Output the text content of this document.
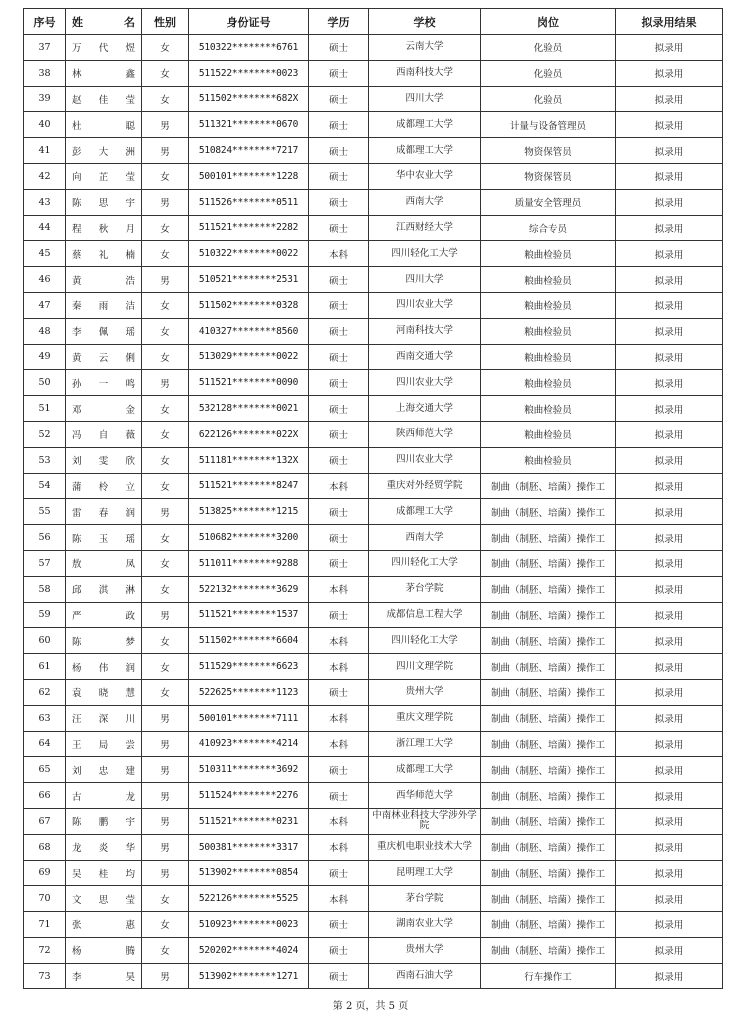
序号	姓名	性别	身份证号	学历	学校	岗位	拟录用结果
37	万代煜	女	510322********6761	硕士	云南大学	化验员	拟录用
38	林鑫	女	511522********0023	硕士	西南科技大学	化验员	拟录用
39	赵佳莹	女	511502********682X	硕士	四川大学	化验员	拟录用
40	杜聪	男	511321********0670	硕士	成都理工大学	计量与设备管理员	拟录用
41	彭大洲	男	510824********7217	硕士	成都理工大学	物资保管员	拟录用
42	向芷莹	女	500101********1228	硕士	华中农业大学	物资保管员	拟录用
43	陈思宇	男	511526********0511	硕士	西南大学	质量安全管理员	拟录用
44	程秋月	女	511521********2282	硕士	江西财经大学	综合专员	拟录用
45	蔡礼楠	女	510322********0022	本科	四川轻化工大学	粮曲检验员	拟录用
46	黄浩	男	510521********2531	硕士	四川大学	粮曲检验员	拟录用
47	秦雨洁	女	511502********0328	硕士	四川农业大学	粮曲检验员	拟录用
48	李佩瑶	女	410327********8560	硕士	河南科技大学	粮曲检验员	拟录用
49	黄云俐	女	513029********0022	硕士	西南交通大学	粮曲检验员	拟录用
50	孙一鸣	男	511521********0090	硕士	四川农业大学	粮曲检验员	拟录用
51	邓金	女	532128********0021	硕士	上海交通大学	粮曲检验员	拟录用
52	冯自薇	女	622126********022X	硕士	陕西师范大学	粮曲检验员	拟录用
53	刘雯欣	女	511181********132X	硕士	四川农业大学	粮曲检验员	拟录用
54	蒲柃立	女	511521********8247	本科	重庆对外经贸学院	制曲（制胚、培菌）操作工	拟录用
55	雷春润	男	513825********1215	硕士	成都理工大学	制曲（制胚、培菌）操作工	拟录用
56	陈玉瑶	女	510682********3200	硕士	西南大学	制曲（制胚、培菌）操作工	拟录用
57	敖凤	女	511011********9288	硕士	四川轻化工大学	制曲（制胚、培菌）操作工	拟录用
58	邱淇淋	女	522132********3629	本科	茅台学院	制曲（制胚、培菌）操作工	拟录用
59	严政	男	511521********1537	硕士	成都信息工程大学	制曲（制胚、培菌）操作工	拟录用
60	陈梦	女	511502********6604	本科	四川轻化工大学	制曲（制胚、培菌）操作工	拟录用
61	杨伟润	女	511529********6623	本科	四川文理学院	制曲（制胚、培菌）操作工	拟录用
62	袁晓慧	女	522625********1123	硕士	贵州大学	制曲（制胚、培菌）操作工	拟录用
63	汪深川	男	500101********7111	本科	重庆文理学院	制曲（制胚、培菌）操作工	拟录用
64	王局尝	男	410923********4214	本科	浙江理工大学	制曲（制胚、培菌）操作工	拟录用
65	刘忠建	男	510311********3692	硕士	成都理工大学	制曲（制胚、培菌）操作工	拟录用
66	古龙	男	511524********2276	硕士	西华师范大学	制曲（制胚、培菌）操作工	拟录用
67	陈鹏宇	男	511521********0231	本科	中南林业科技大学涉外学院	制曲（制胚、培菌）操作工	拟录用
68	龙炎华	男	500381********3317	本科	重庆机电职业技术大学	制曲（制胚、培菌）操作工	拟录用
69	吴桂均	男	513902********0854	硕士	昆明理工大学	制曲（制胚、培菌）操作工	拟录用
70	文思莹	女	522126********5525	本科	茅台学院	制曲（制胚、培菌）操作工	拟录用
71	张惠	女	510923********0023	硕士	湖南农业大学	制曲（制胚、培菌）操作工	拟录用
72	杨腾	女	520202********4024	硕士	贵州大学	制曲（制胚、培菌）操作工	拟录用
73	李昊	男	513902********1271	硕士	西南石油大学	行车操作工	拟录用
第 2 页，共 5 页
